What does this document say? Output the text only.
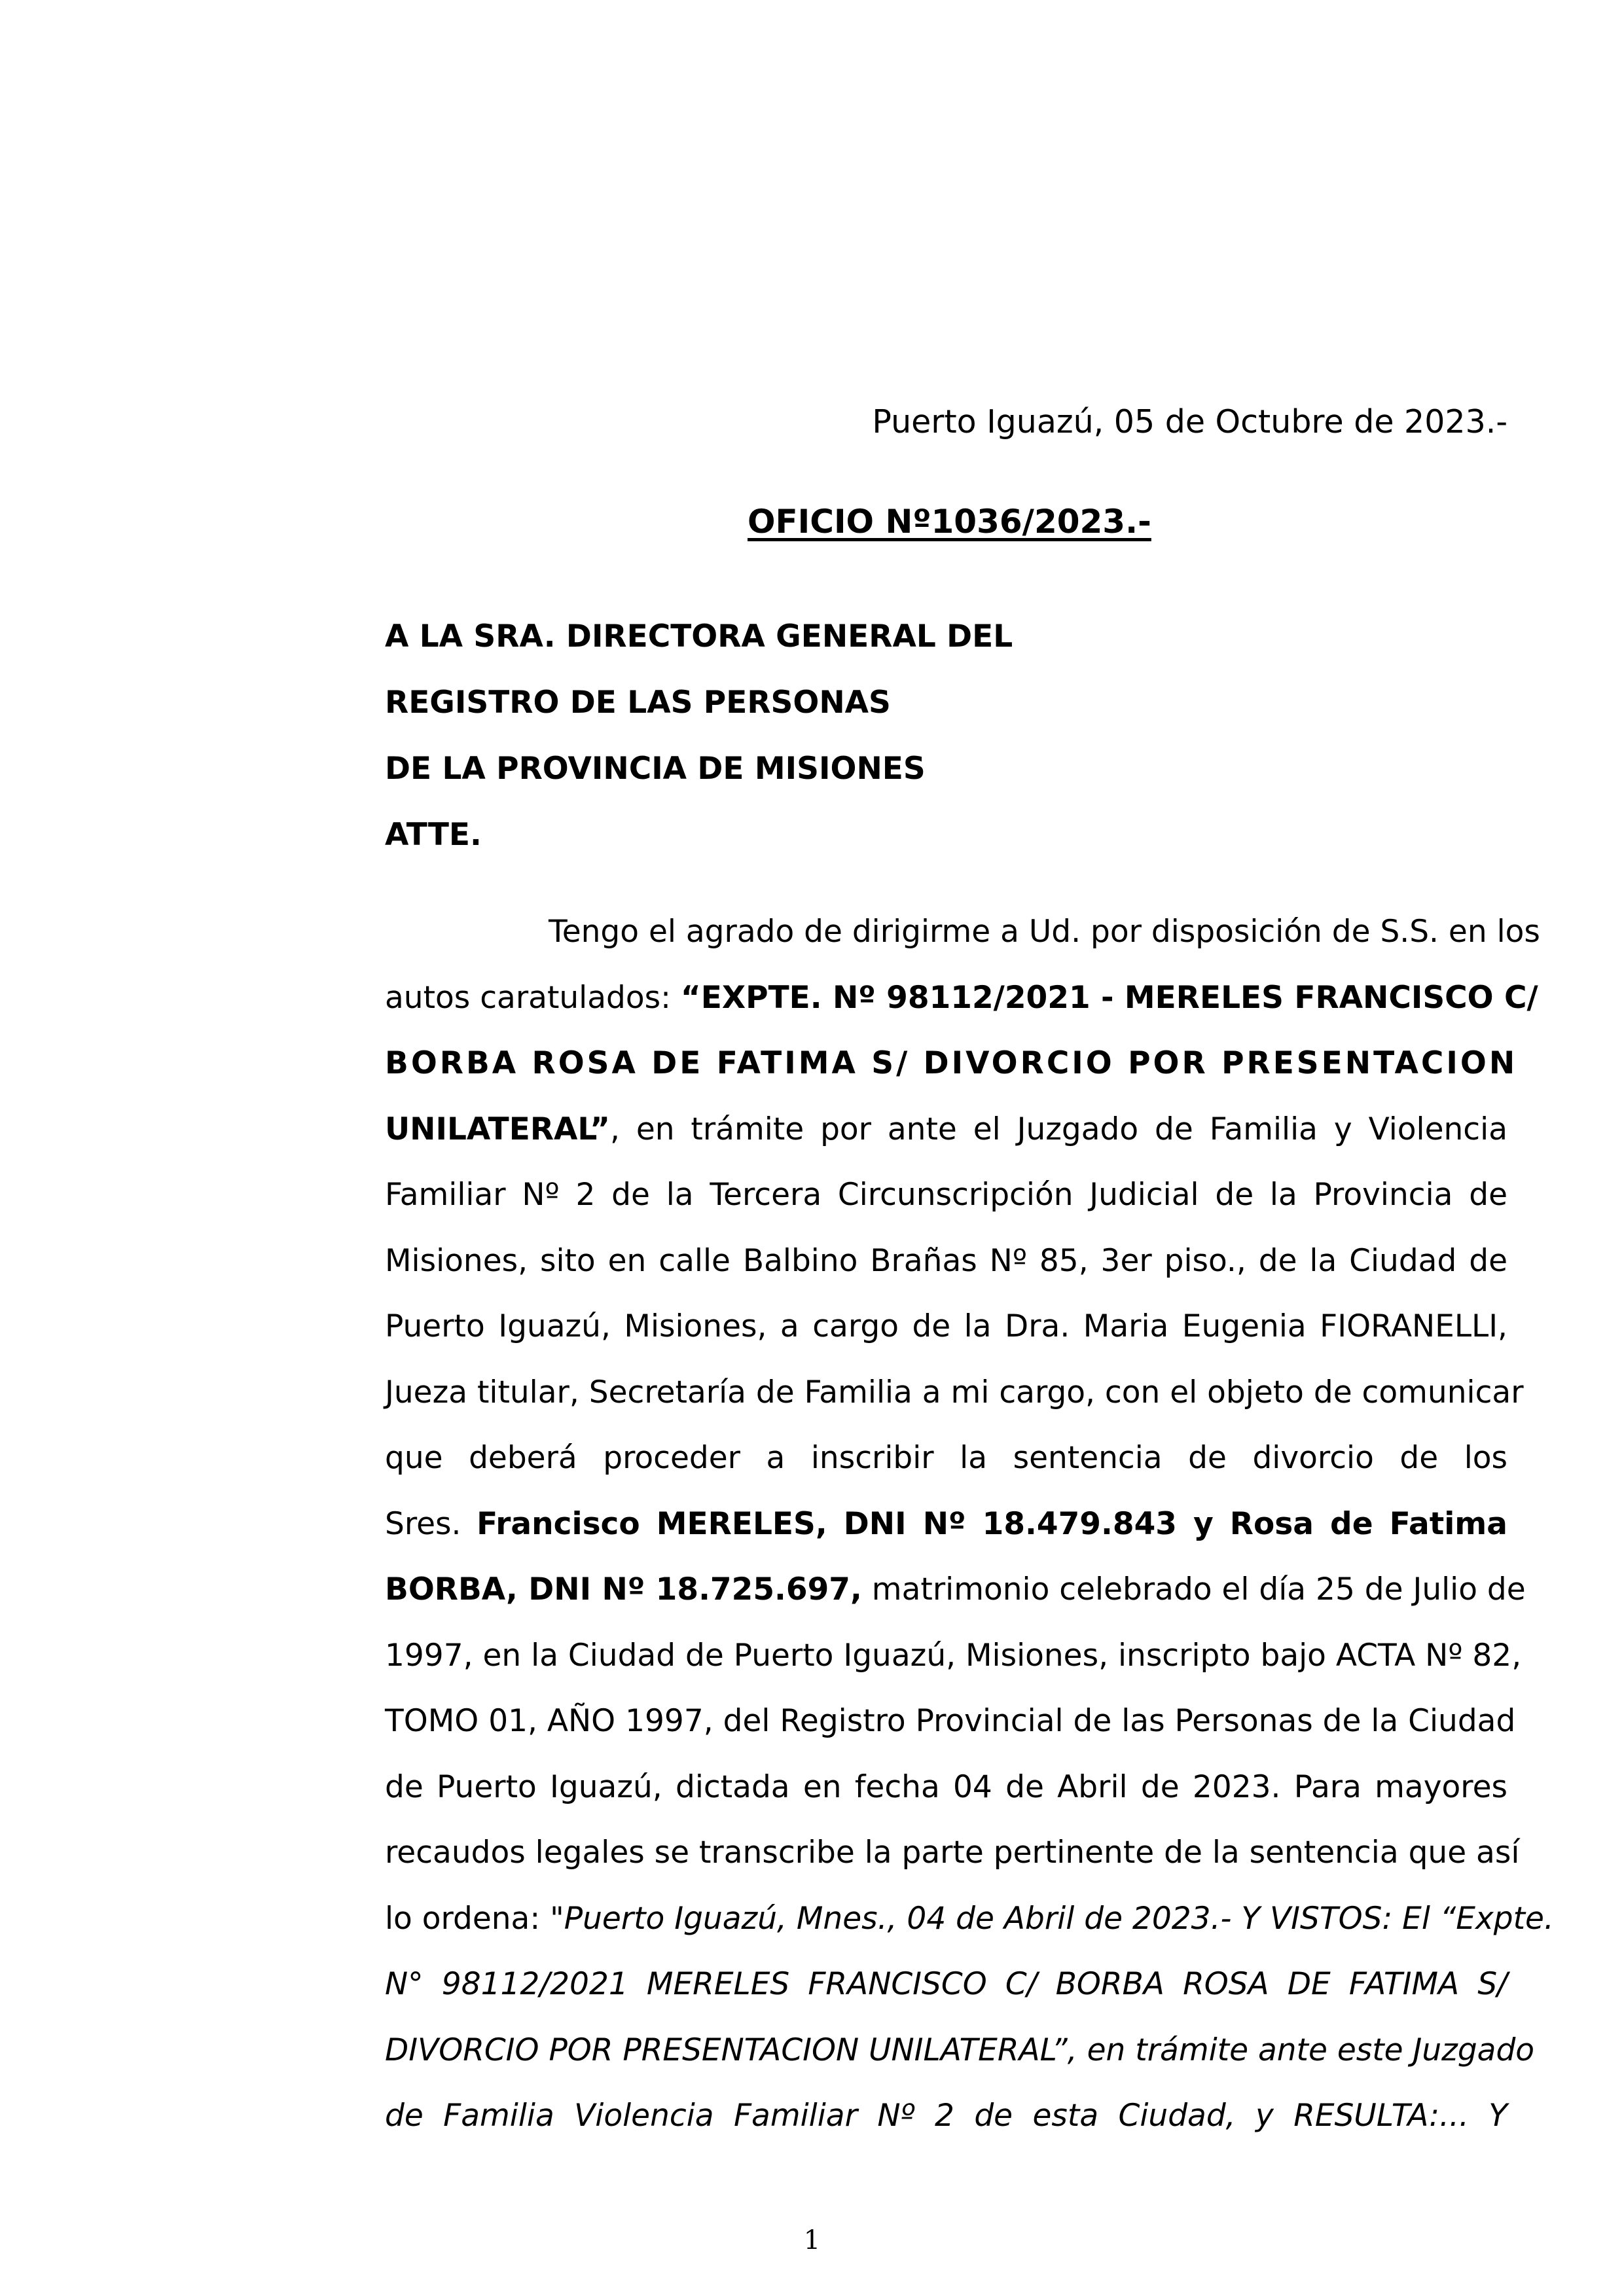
Puerto Iguazú, 05 de Octubre de 2023.-
OFICIO Nº1036/2023.-
A LA SRA. DIRECTORA GENERAL DEL
REGISTRO DE LAS PERSONAS
DE LA PROVINCIA DE MISIONES
ATTE.
Tengo el agrado de dirigirme a Ud. por disposición de S.S. en los
autos caratulados: “EXPTE. Nº 98112/2021 - MERELES FRANCISCO C/
BORBA ROSA DE FATIMA S/ DIVORCIO POR PRESENTACION
UNILATERAL”, en trámite por ante el Juzgado de Familia y Violencia
Familiar Nº 2 de la Tercera Circunscripción Judicial de la Provincia de
Misiones, sito en calle Balbino Brañas Nº 85, 3er piso., de la Ciudad de
Puerto Iguazú, Misiones, a cargo de la Dra. Maria Eugenia FIORANELLI,
Jueza titular, Secretaría de Familia a mi cargo, con el objeto de comunicar
que deberá proceder a inscribir la sentencia de divorcio de los
Sres. Francisco MERELES, DNI Nº 18.479.843 y Rosa de Fatima
BORBA, DNI Nº 18.725.697, matrimonio celebrado el día 25 de Julio de
1997, en la Ciudad de Puerto Iguazú, Misiones, inscripto bajo ACTA Nº 82,
TOMO 01, AÑO 1997, del Registro Provincial de las Personas de la Ciudad
de Puerto Iguazú, dictada en fecha 04 de Abril de 2023. Para mayores
recaudos legales se transcribe la parte pertinente de la sentencia que así
lo ordena: "Puerto Iguazú, Mnes., 04 de Abril de 2023.- Y VISTOS: El “Expte.
N° 98112/2021 MERELES FRANCISCO C/ BORBA ROSA DE FATIMA S/
DIVORCIO POR PRESENTACION UNILATERAL”, en trámite ante este Juzgado
de Familia Violencia Familiar Nº 2 de esta Ciudad, y RESULTA:... Y
1
